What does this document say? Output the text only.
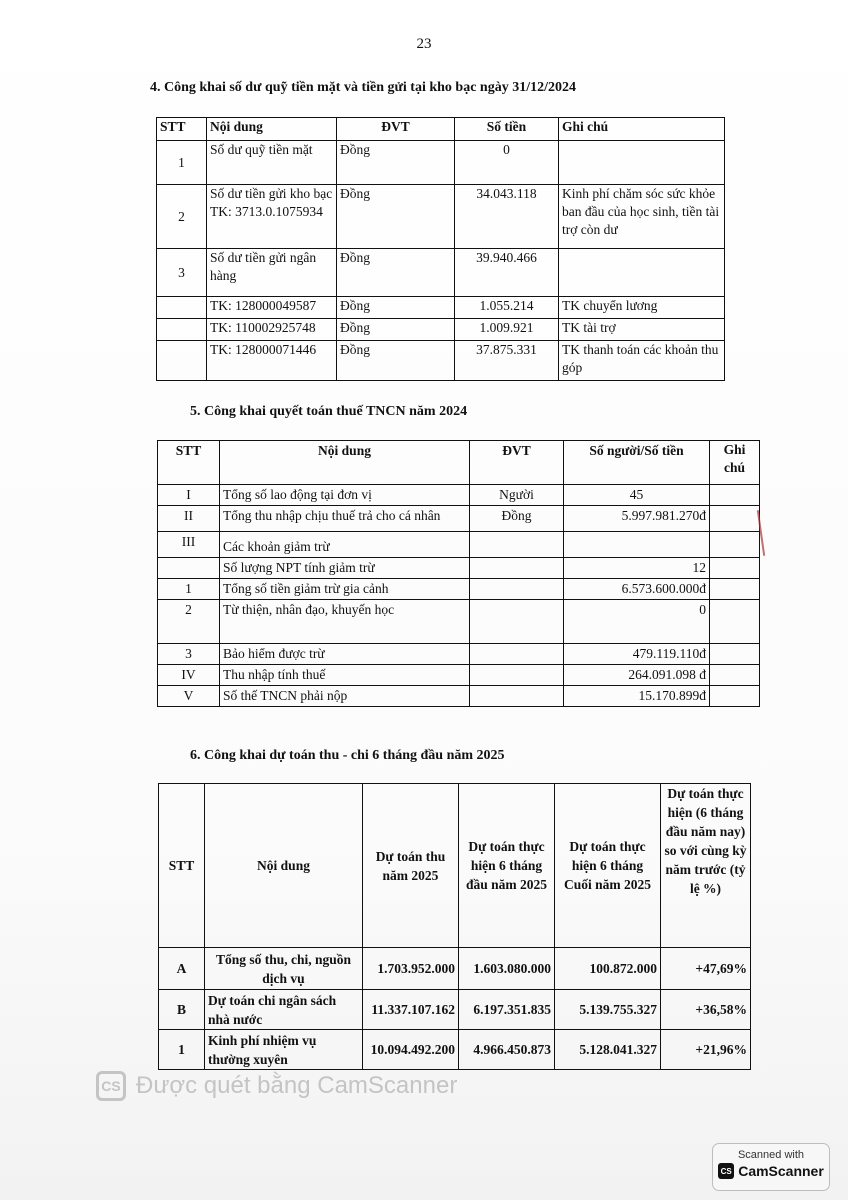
23
4. Công khai số dư quỹ tiền mặt và tiền gửi tại kho bạc ngày 31/12/2024
STT	Nội dung	ĐVT	Số tiền	Ghi chú
1	Số dư quỹ tiền mặt	Đồng	0	
2	Số dư tiền gửi kho bạc TK: 3713.0.1075934	Đồng	34.043.118	Kinh phí chăm sóc sức khỏe ban đầu của học sinh, tiền tài trợ còn dư
3	Số dư tiền gửi ngân hàng	Đồng	39.940.466	
	TK: 128000049587	Đồng	1.055.214	TK chuyển lương
	TK: 110002925748	Đồng	1.009.921	TK tài trợ
	TK: 128000071446	Đồng	37.875.331	TK thanh toán các khoản thu góp
5. Công khai quyết toán thuế TNCN năm 2024
STT	Nội dung	ĐVT	Số người/Số tiền	Ghi chú
I	Tổng số lao động tại đơn vị	Người	45	
II	Tổng thu nhập chịu thuế trả cho cá nhân	Đồng	5.997.981.270đ	
III	Các khoản giảm trừ			
	Số lượng NPT tính giảm trừ		12	
1	Tổng số tiền giảm trừ gia cảnh		6.573.600.000đ	
2	Từ thiện, nhân đạo, khuyến học		0	
3	Bảo hiểm được trừ		479.119.110đ	
IV	Thu nhập tính thuế		264.091.098 đ	
V	Số thế TNCN phải nộp		15.170.899đ	
6. Công khai dự toán thu - chi 6 tháng đầu năm 2025
STT	Nội dung	Dự toán thu năm 2025	Dự toán thực hiện 6 tháng đầu năm 2025	Dự toán thực hiện 6 tháng Cuối năm 2025	Dự toán thực hiện (6 tháng đầu năm nay) so với cùng kỳ năm trước (tỷ lệ %)
A	Tổng số thu, chi, nguồn dịch vụ	1.703.952.000	1.603.080.000	100.872.000	+47,69%
B	Dự toán chi ngân sách nhà nước	11.337.107.162	6.197.351.835	5.139.755.327	+36,58%
1	Kinh phí nhiệm vụ thường xuyên	10.094.492.200	4.966.450.873	5.128.041.327	+21,96%
CS Được quét bằng CamScanner
Scanned with
CS CamScanner
